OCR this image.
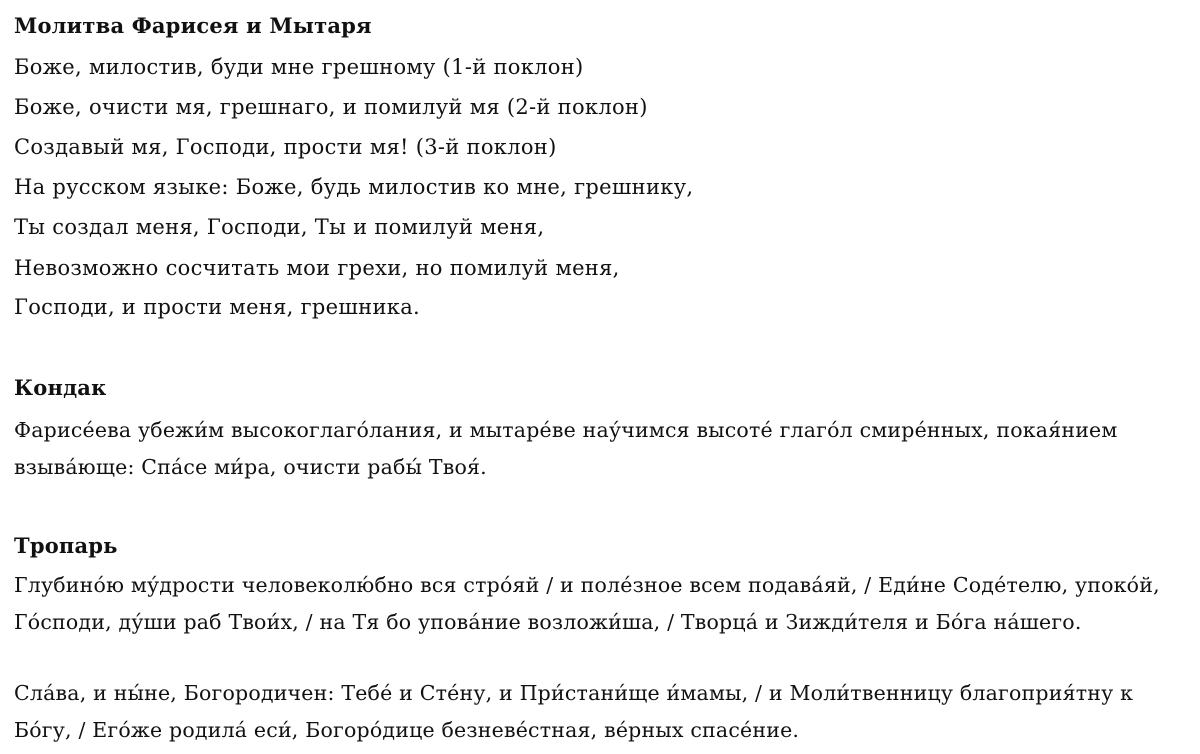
Молитва Фарисея и Мытаря
Боже, милостив, буди мне грешному (1-й поклон)
Боже, очисти мя, грешнаго, и помилуй мя (2-й поклон)
Создавый мя, Господи, прости мя! (3-й поклон)
На русском языке: Боже, будь милостив ко мне, грешнику,
Ты создал меня, Господи, Ты и помилуй меня,
Невозможно сосчитать мои грехи, но помилуй меня,
Господи, и прости меня, грешника.
Кондак
Фарисе́ева убежи́м высокоглаго́лания, и мытаре́ве нау́чимся высоте́ глаго́л смире́нных, покая́нием взыва́юще: Спа́се ми́ра, очисти рабы́ Твоя́.
Тропарь
Глубино́ю му́дрости человеколю́бно вся стро́яй / и поле́зное всем подава́яй, / Еди́не Соде́телю, упоко́й, Го́споди, ду́ши раб Твои́х, / на Тя бо упова́ние возложи́ша, / Творца́ и Зижди́теля и Бо́га на́шего.
Сла́ва, и ны́не, Богородичен: Тебе́ и Сте́ну, и При́стани́ще и́мамы, / и Моли́твенницу благоприя́тну к Бо́гу, / Его́же родила́ еси́, Богоро́дице безневе́стная, ве́рных спасе́ние.
